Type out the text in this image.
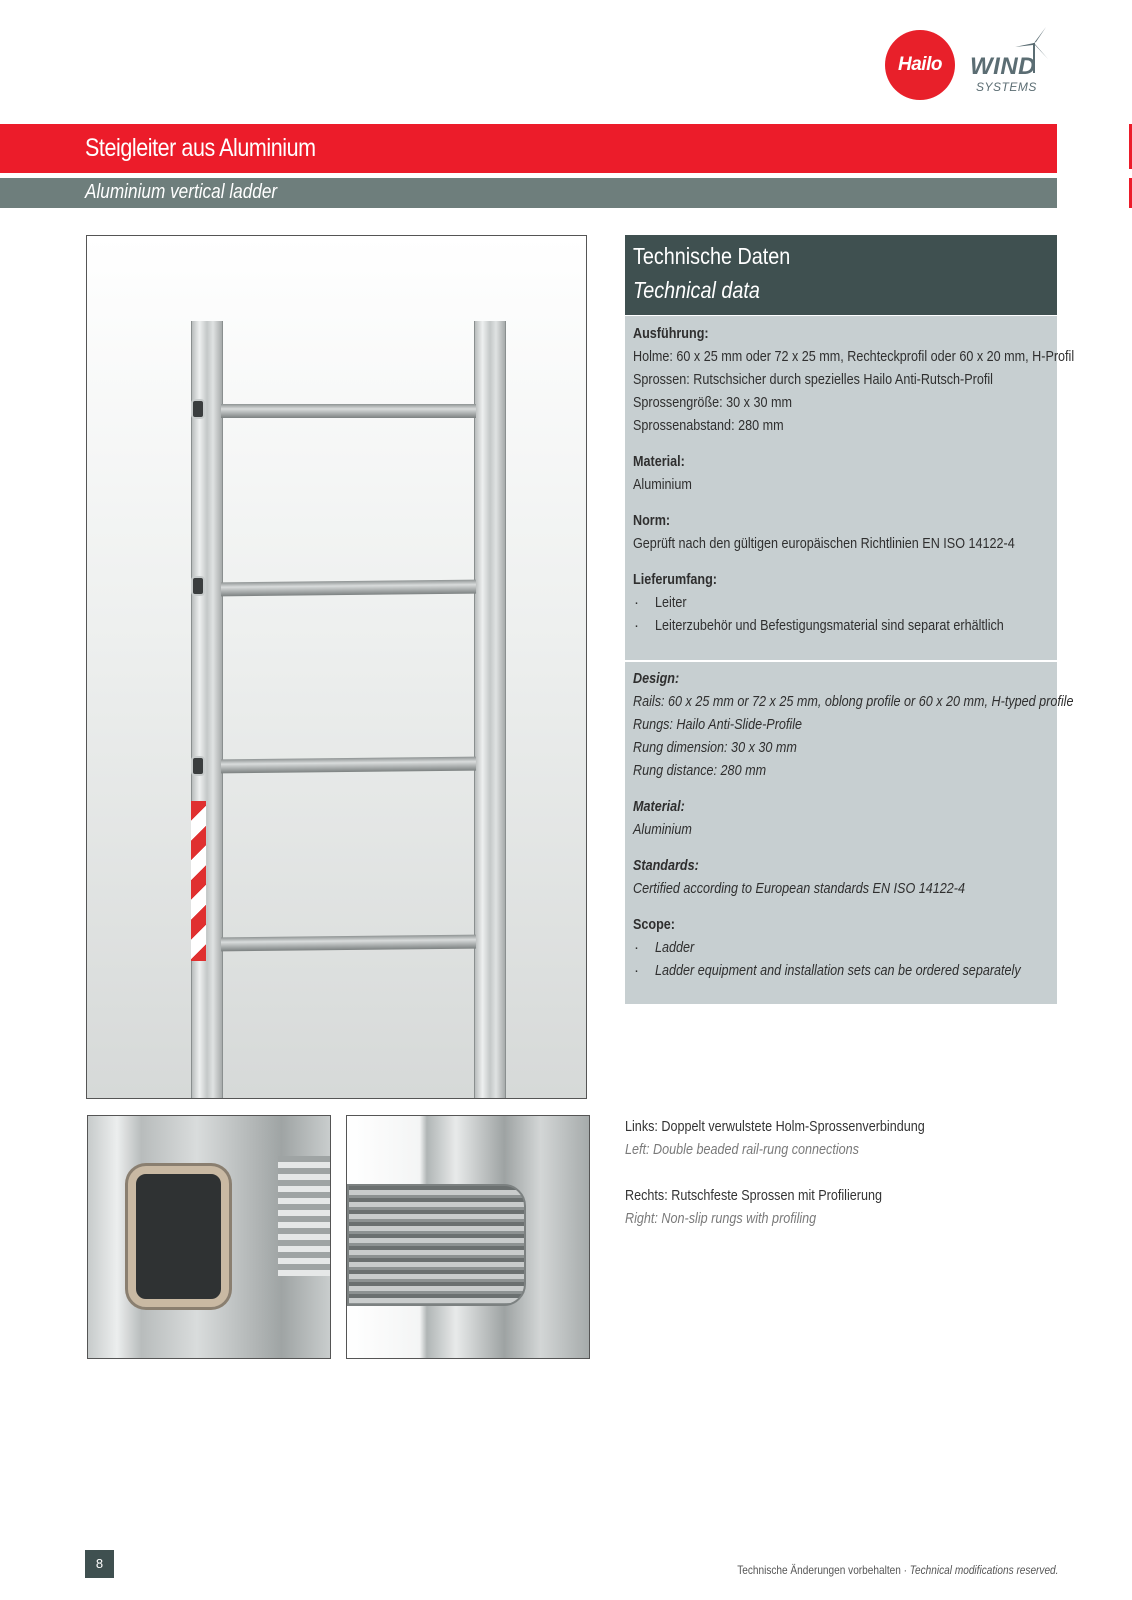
Hailo	WIND
SYSTEMS
Steigleiter aus Aluminium
Aluminium vertical ladder
Technische Daten
Technical data
Ausführung:
Holme: 60 x 25 mm oder 72 x 25 mm, Rechteckprofil oder 60 x 20 mm, H-Profil
Sprossen: Rutschsicher durch spezielles Hailo Anti-Rutsch-Profil
Sprossengröße: 30 x 30 mm
Sprossenabstand: 280 mm
Material:
Aluminium
Norm:
Geprüft nach den gültigen europäischen Richtlinien EN ISO 14122-4
Lieferumfang:
· Leiter
· Leiterzubehör und Befestigungsmaterial sind separat erhältlich
Design:
Rails: 60 x 25 mm or 72 x 25 mm, oblong profile or 60 x 20 mm, H-typed profile
Rungs: Hailo Anti-Slide-Profile
Rung dimension: 30 x 30 mm
Rung distance: 280 mm
Material:
Aluminium
Standards:
Certified according to European standards EN ISO 14122-4
Scope:
· Ladder
· Ladder equipment and installation sets can be ordered separately
Links: Doppelt verwulstete Holm-Sprossenverbindung
Left: Double beaded rail-rung connections
Rechts: Rutschfeste Sprossen mit Profilierung
Right: Non-slip rungs with profiling
8	Technische Änderungen vorbehalten · Technical modifications reserved.
